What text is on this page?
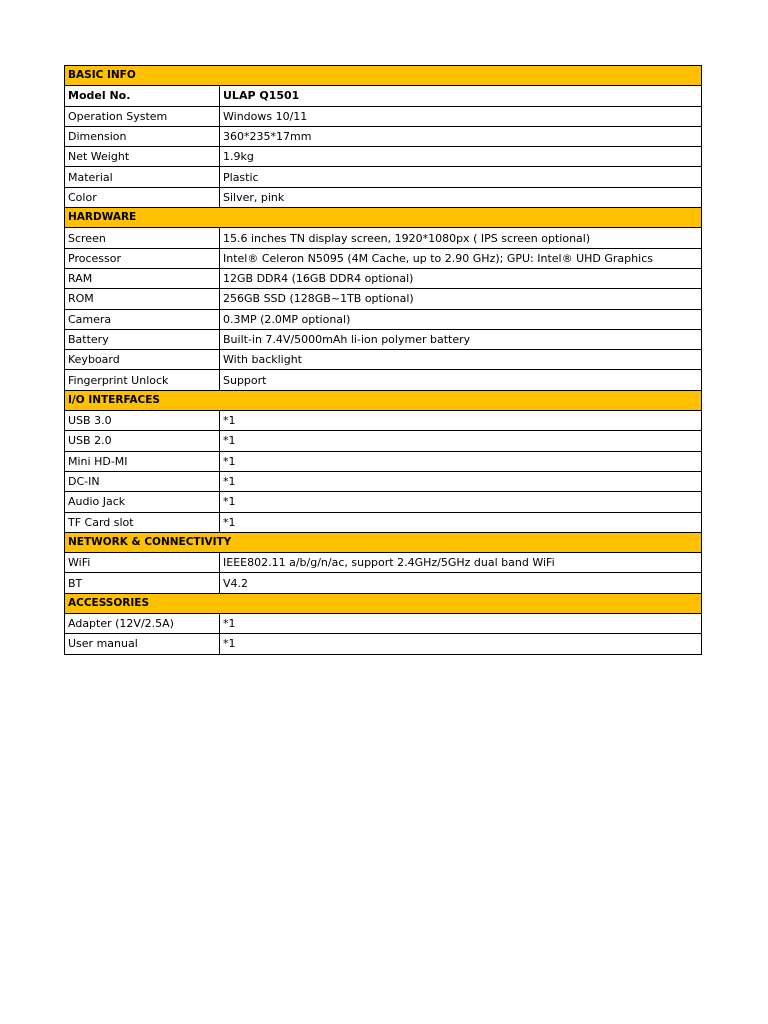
BASIC INFO	
Model No.	ULAP Q1501
Operation System	Windows 10/11
Dimension	360*235*17mm
Net Weight	1.9kg
Material	Plastic
Color	Silver, pink
HARDWARE	
Screen	15.6 inches TN display screen, 1920*1080px ( IPS screen optional)
Processor	Intel® Celeron N5095 (4M Cache, up to 2.90 GHz); GPU: Intel® UHD Graphics
RAM	12GB DDR4 (16GB DDR4 optional)
ROM	256GB SSD (128GB~1TB optional)
Camera	0.3MP (2.0MP optional)
Battery	Built-in 7.4V/5000mAh li-ion polymer battery
Keyboard	With backlight
Fingerprint Unlock	Support
I/O INTERFACES	
USB 3.0	*1
USB 2.0	*1
Mini HD-MI	*1
DC-IN	*1
Audio Jack	*1
TF Card slot	*1
NETWORK & CONNECTIVITY	
WiFi	IEEE802.11 a/b/g/n/ac, support 2.4GHz/5GHz dual band WiFi
BT	V4.2
ACCESSORIES	
Adapter (12V/2.5A)	*1
User manual	*1
